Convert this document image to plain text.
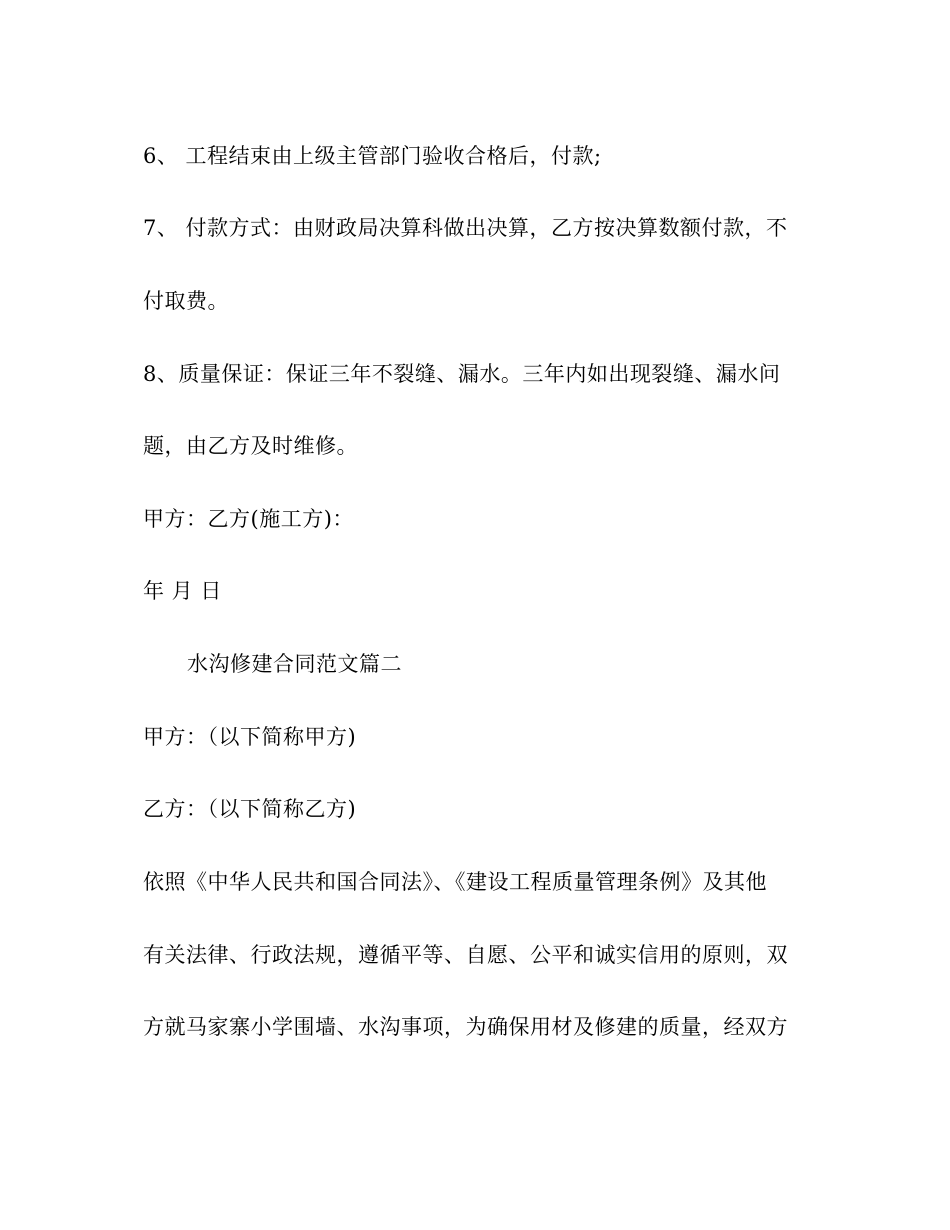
6、 工程结束由上级主管部门验收合格后，付款;
7、 付款方式：由财政局决算科做出决算，乙方按决算数额付款，不
付取费。
8、质量保证：保证三年不裂缝、漏水。三年内如出现裂缝、漏水问
题，由乙方及时维修。
甲方：乙方(施工方)：
年 月 日
水沟修建合同范文篇二
甲方：（以下简称甲方)
乙方：（以下简称乙方)
依照《中华人民共和国合同法》、《建设工程质量管理条例》及其他
有关法律、行政法规，遵循平等、自愿、公平和诚实信用的原则，双
方就马家寨小学围墙、水沟事项，为确保用材及修建的质量，经双方
